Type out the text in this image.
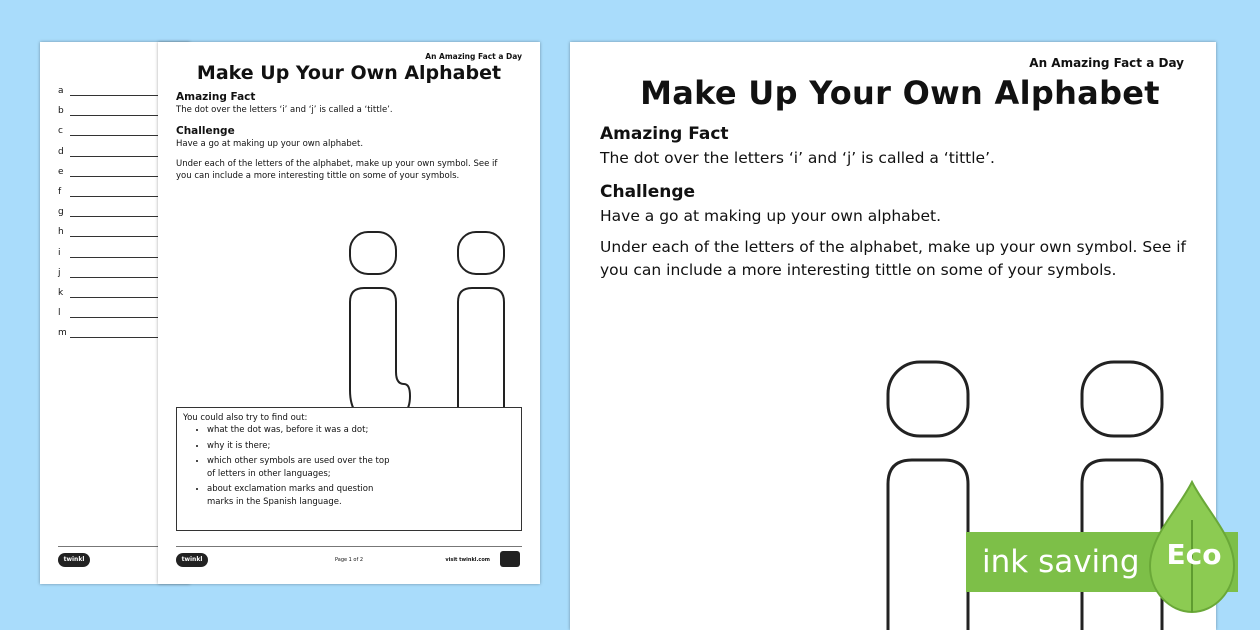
a
b
c
d
e
f
g
h
i
j
k
l
m
twinkl
An Amazing Fact a Day
Make Up Your Own Alphabet
Amazing Fact
The dot over the letters ‘i’ and ‘j’ is called a ‘tittle’.
Challenge
Have a go at making up your own alphabet.
Under each of the letters of the alphabet, make up your own symbol. See if
you can include a more interesting tittle on some of your symbols.
You could also try to find out:
• what the dot was, before it was a dot;
• why it is there;
• which other symbols are used over the top of letters in other languages;
• about exclamation marks and question marks in the Spanish language.
twinkl	Page 1 of 2	visit twinkl.com
An Amazing Fact a Day
Make Up Your Own Alphabet
Amazing Fact
The dot over the letters ‘i’ and ‘j’ is called a ‘tittle’.
Challenge
Have a go at making up your own alphabet.
Under each of the letters of the alphabet, make up your own symbol. See if
you can include a more interesting tittle on some of your symbols.
ink saving Eco
